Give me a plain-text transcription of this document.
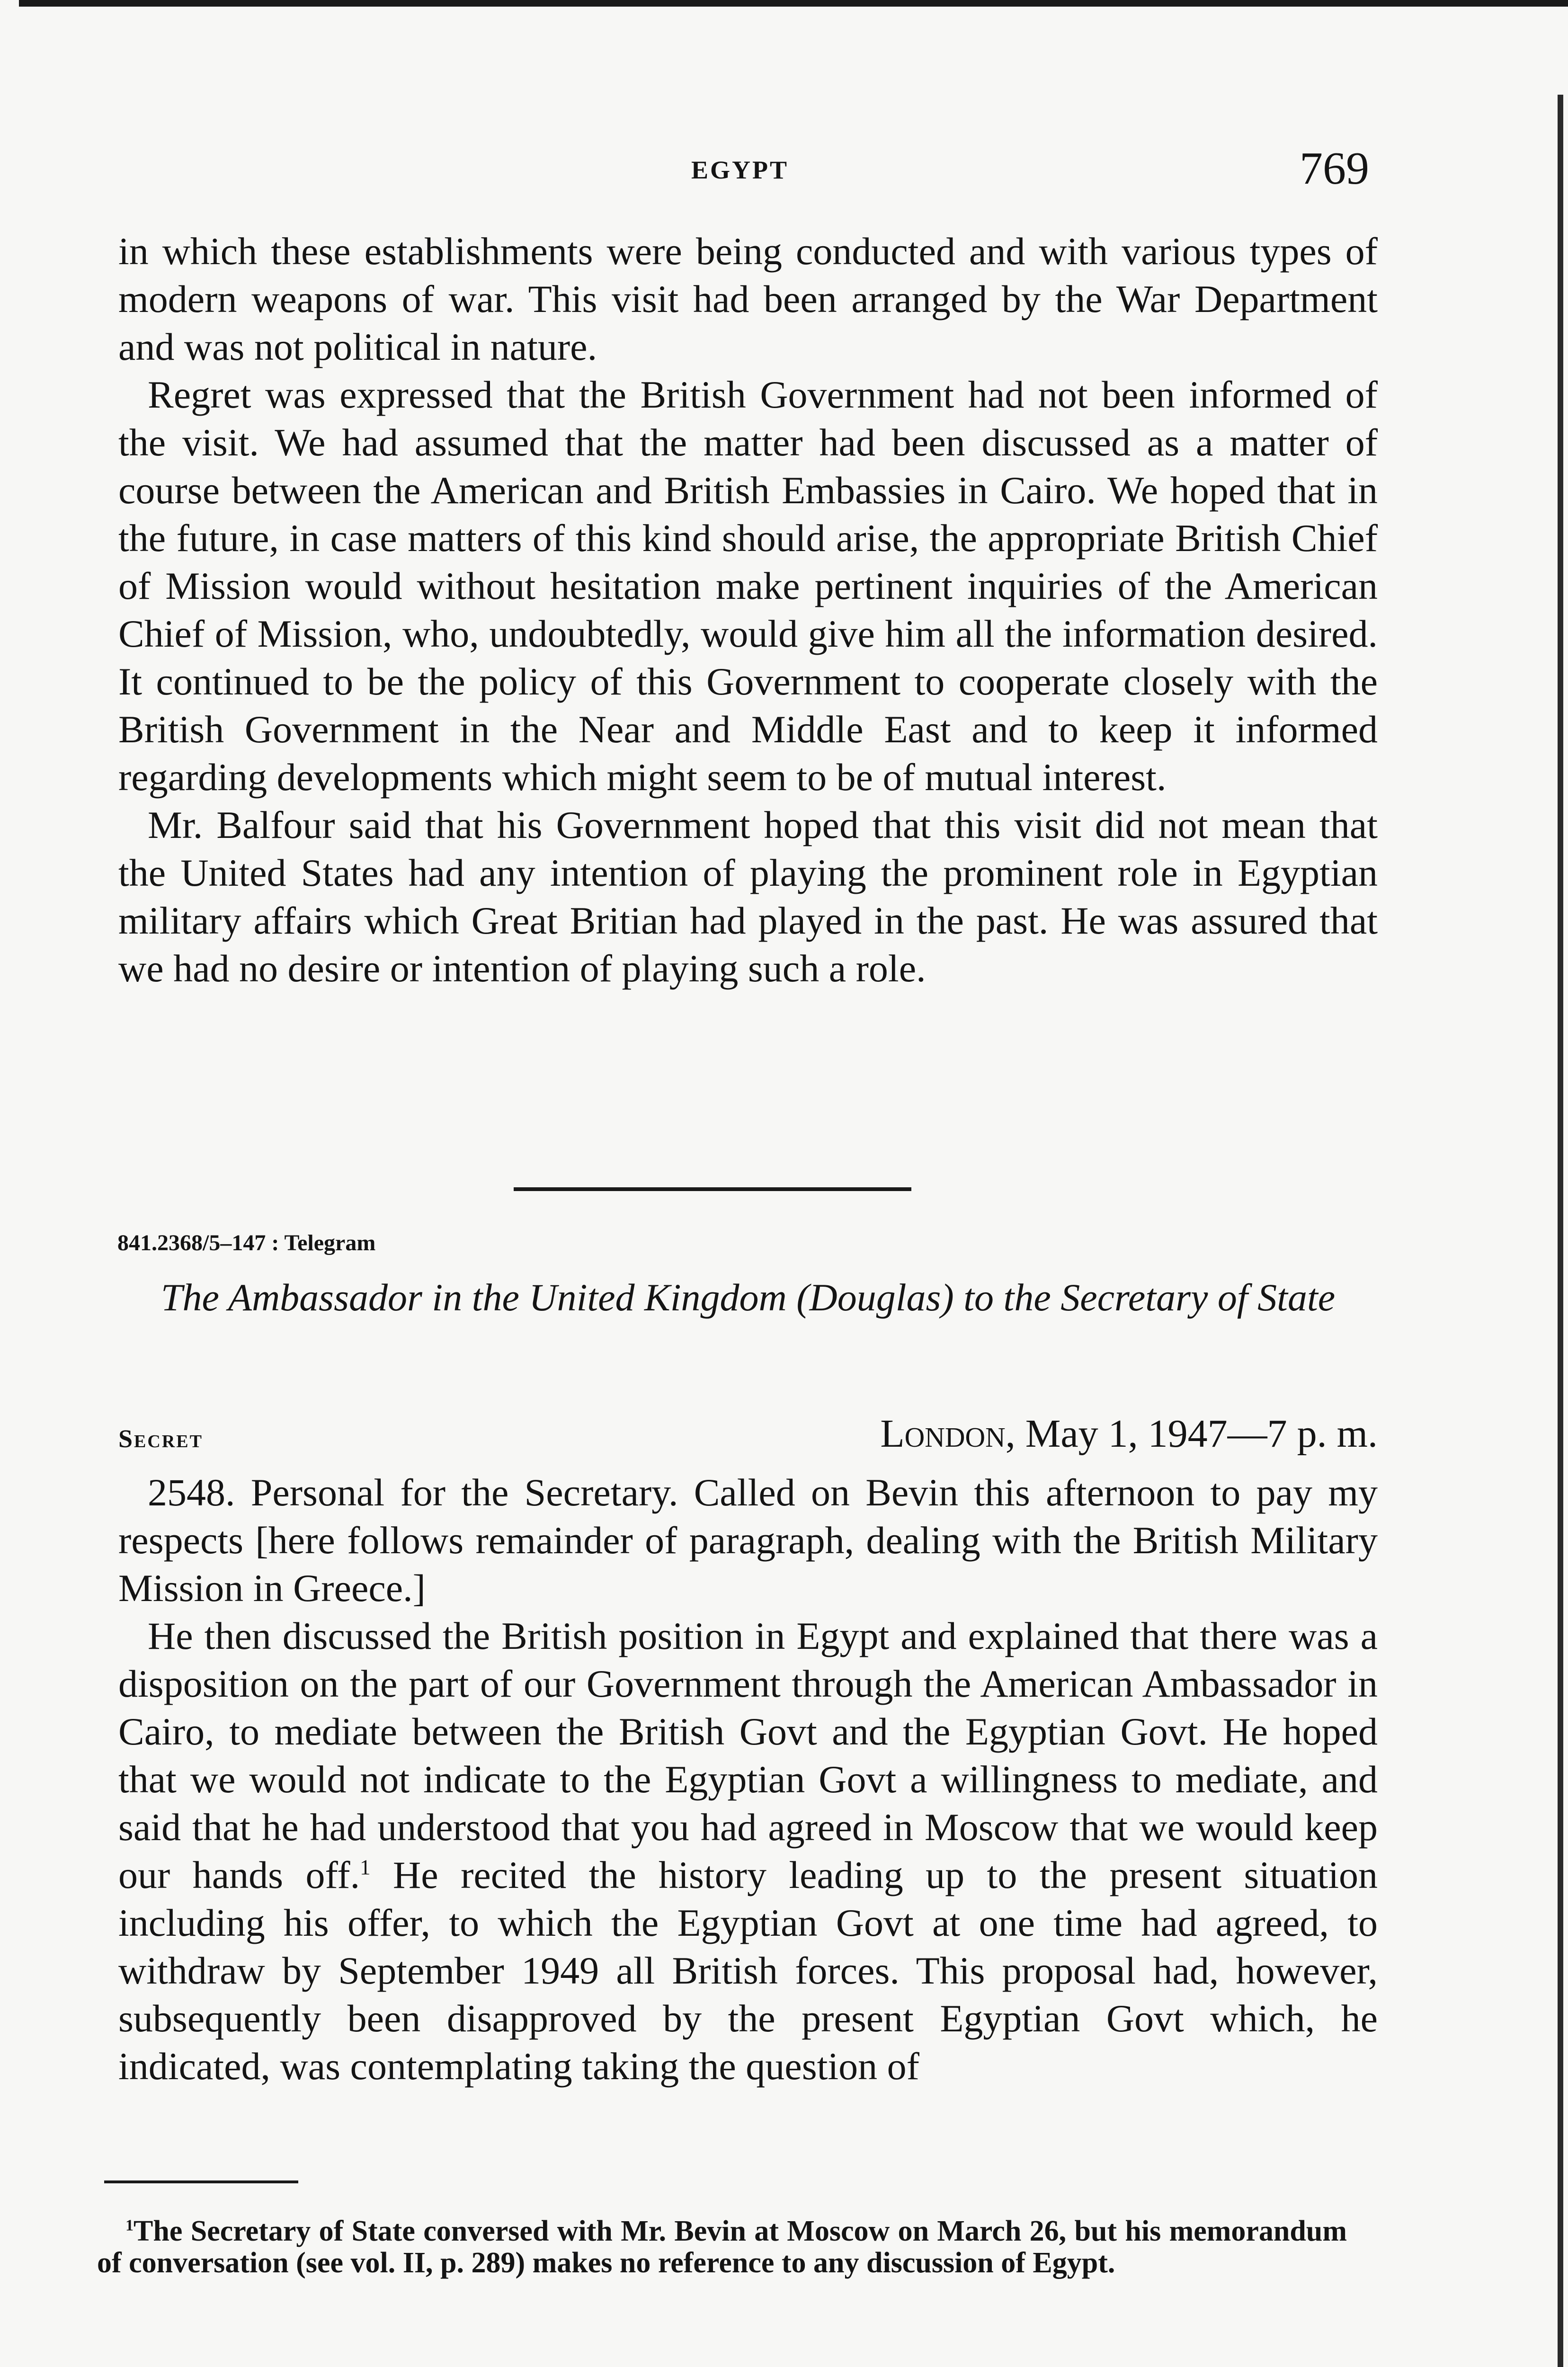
EGYPT	769

in which these establishments were being conducted and with various types of modern weapons of war. This visit had been arranged by the War Department and was not political in nature.

Regret was expressed that the British Government had not been informed of the visit. We had assumed that the matter had been discussed as a matter of course between the American and British Embassies in Cairo. We hoped that in the future, in case matters of this kind should arise, the appropriate British Chief of Mission would without hesitation make pertinent inquiries of the American Chief of Mission, who, undoubtedly, would give him all the information desired. It continued to be the policy of this Government to cooperate closely with the British Government in the Near and Middle East and to keep it informed regarding developments which might seem to be of mutual interest.

Mr. Balfour said that his Government hoped that this visit did not mean that the United States had any intention of playing the prominent role in Egyptian military affairs which Great Britian had played in the past. He was assured that we had no desire or intention of playing such a role.

841.2368/5–147 : Telegram
The Ambassador in the United Kingdom (Douglas) to the Secretary of State
Secret	London, May 1, 1947—7 p. m.

2548. Personal for the Secretary. Called on Bevin this afternoon to pay my respects [here follows remainder of paragraph, dealing with the British Military Mission in Greece.]

He then discussed the British position in Egypt and explained that there was a disposition on the part of our Government through the American Ambassador in Cairo, to mediate between the British Govt and the Egyptian Govt. He hoped that we would not indicate to the Egyptian Govt a willingness to mediate, and said that he had understood that you had agreed in Moscow that we would keep our hands off.$^1$ He recited the history leading up to the present situation including his offer, to which the Egyptian Govt at one time had agreed, to withdraw by September 1949 all British forces. This proposal had, however, subsequently been disapproved by the present Egyptian Govt which, he indicated, was contemplating taking the question of

$^1$The Secretary of State conversed with Mr. Bevin at Moscow on March 26, but his memorandum of conversation (see vol. II, p. 289) makes no reference to any discussion of Egypt.
